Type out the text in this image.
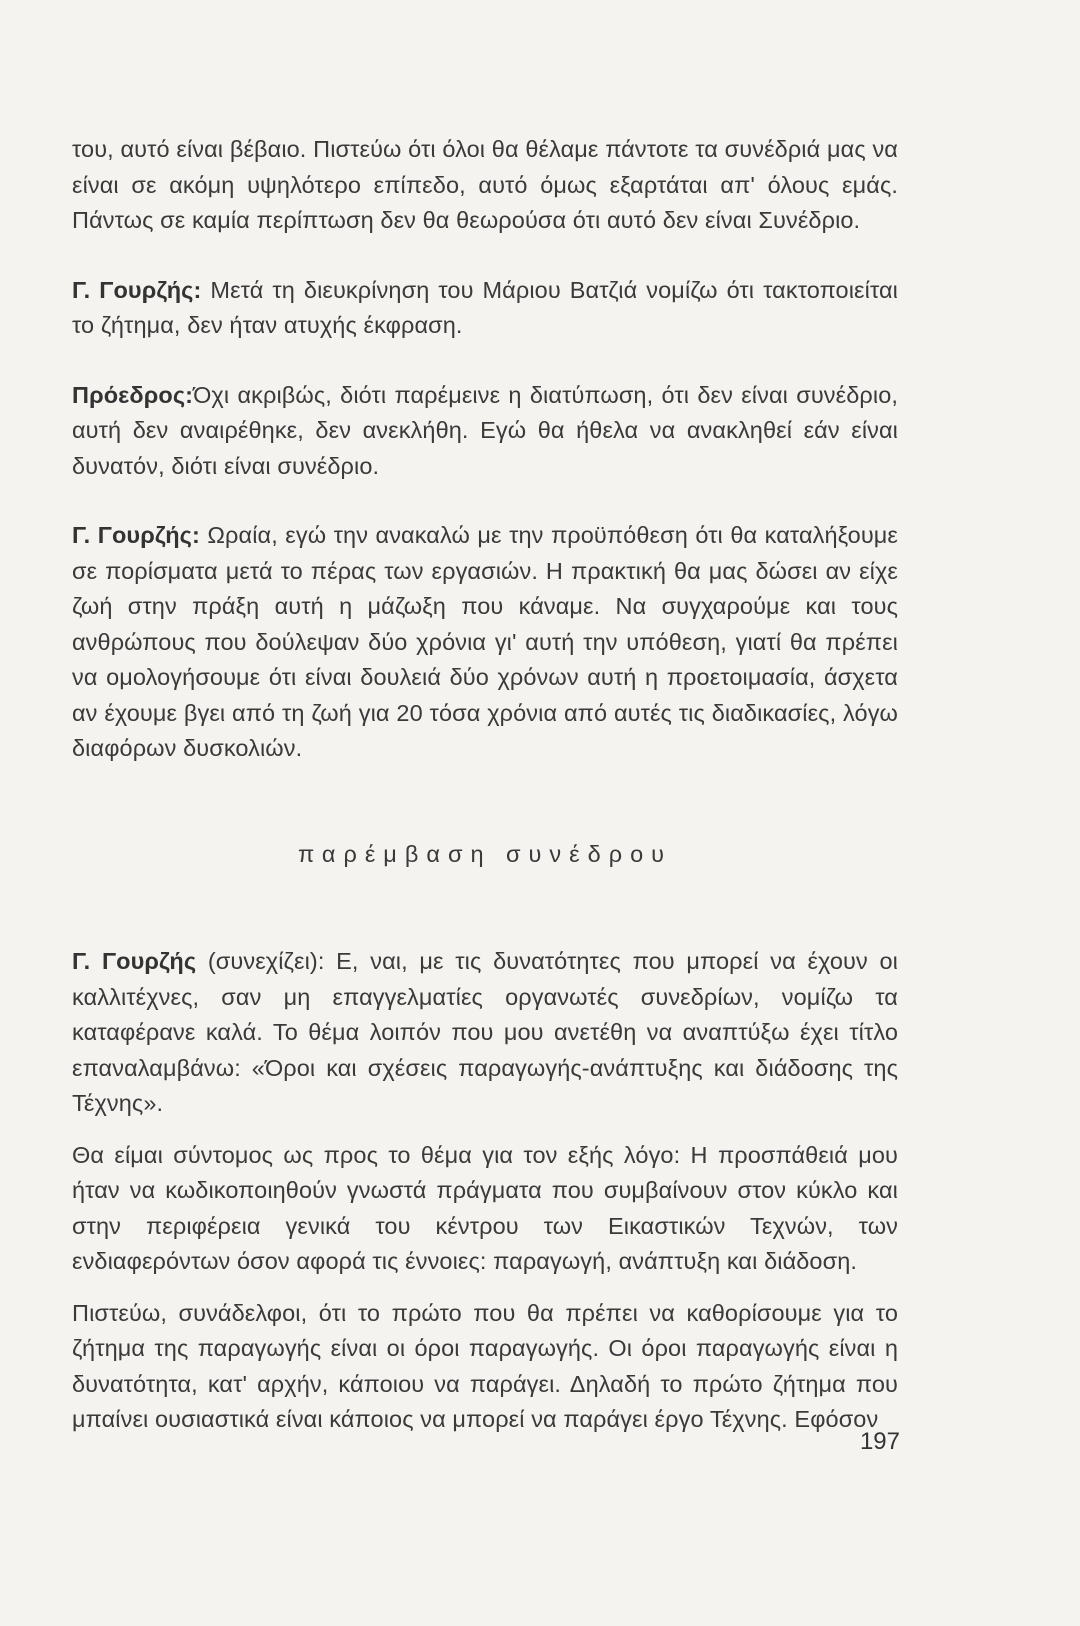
του, αυτό είναι βέβαιο. Πιστεύω ότι όλοι θα θέλαμε πάντοτε τα συνέδριά μας να είναι σε ακόμη υψηλότερο επίπεδο, αυτό όμως εξαρτάται απ' όλους εμάς. Πάντως σε καμία περίπτωση δεν θα θεωρούσα ότι αυτό δεν είναι Συνέδριο.

Γ. Γουρζής: Μετά τη διευκρίνηση του Μάριου Βατζιά νομίζω ότι τακτοποιείται το ζήτημα, δεν ήταν ατυχής έκφραση.

Πρόεδρος:Όχι ακριβώς, διότι παρέμεινε η διατύπωση, ότι δεν είναι συνέδριο, αυτή δεν αναιρέθηκε, δεν ανεκλήθη. Εγώ θα ήθελα να ανακληθεί εάν είναι δυνατόν, διότι είναι συνέδριο.

Γ. Γουρζής: Ωραία, εγώ την ανακαλώ με την προϋπόθεση ότι θα καταλήξουμε σε πορίσματα μετά το πέρας των εργασιών. Η πρακτική θα μας δώσει αν είχε ζωή στην πράξη αυτή η μάζωξη που κάναμε. Να συγχαρούμε και τους ανθρώπους που δούλεψαν δύο χρόνια γι' αυτή την υπόθεση, γιατί θα πρέπει να ομολογήσουμε ότι είναι δουλειά δύο χρόνων αυτή η προετοιμασία, άσχετα αν έχουμε βγει από τη ζωή για 20 τόσα χρόνια από αυτές τις διαδικασίες, λόγω διαφόρων δυσκολιών.

παρέμβαση συνέδρου

Γ. Γουρζής (συνεχίζει): Ε, ναι, με τις δυνατότητες που μπορεί να έχουν οι καλλιτέχνες, σαν μη επαγγελματίες οργανωτές συνεδρίων, νομίζω τα καταφέρανε καλά. Το θέμα λοιπόν που μου ανετέθη να αναπτύξω έχει τίτλο επαναλαμβάνω: «Όροι και σχέσεις παραγωγής-ανάπτυξης και διάδοσης της Τέχνης».

Θα είμαι σύντομος ως προς το θέμα για τον εξής λόγο: Η προσπάθειά μου ήταν να κωδικοποιηθούν γνωστά πράγματα που συμβαίνουν στον κύκλο και στην περιφέρεια γενικά του κέντρου των Εικαστικών Τεχνών, των ενδιαφερόντων όσον αφορά τις έννοιες: παραγωγή, ανάπτυξη και διάδοση.

Πιστεύω, συνάδελφοι, ότι το πρώτο που θα πρέπει να καθορίσουμε για το ζήτημα της παραγωγής είναι οι όροι παραγωγής. Οι όροι παραγωγής είναι η δυνατότητα, κατ' αρχήν, κάποιου να παράγει. Δηλαδή το πρώτο ζήτημα που μπαίνει ουσιαστικά είναι κάποιος να μπορεί να παράγει έργο Τέχνης. Εφόσον

197
